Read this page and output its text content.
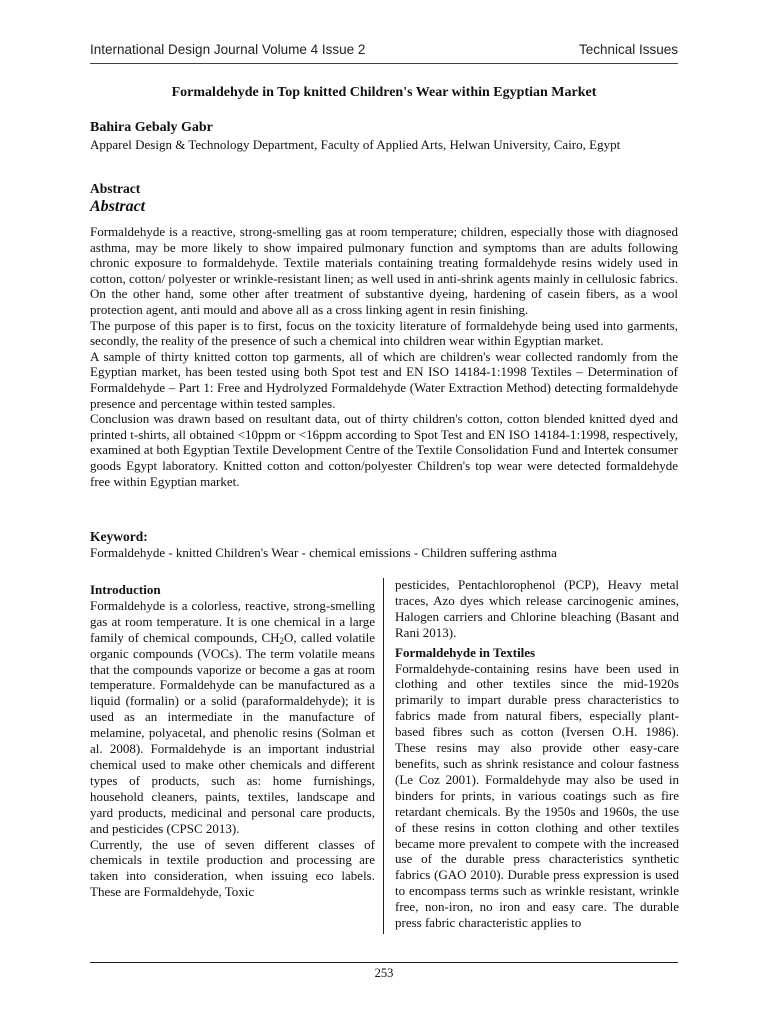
International Design Journal Volume 4 Issue 2	Technical Issues
Formaldehyde in Top knitted Children's Wear within Egyptian Market
Bahira Gebaly Gabr
Apparel Design & Technology Department, Faculty of Applied Arts, Helwan University, Cairo, Egypt
Abstract
Abstract

Formaldehyde is a reactive, strong-smelling gas at room temperature; children, especially those with diagnosed asthma, may be more likely to show impaired pulmonary function and symptoms than are adults following chronic exposure to formaldehyde. Textile materials containing treating formaldehyde resins widely used in cotton, cotton/ polyester or wrinkle-resistant linen; as well used in anti-shrink agents mainly in cellulosic fabrics. On the other hand, some other after treatment of substantive dyeing, hardening of casein fibers, as a wool protection agent, anti mould and above all as a cross linking agent in resin finishing.

The purpose of this paper is to first, focus on the toxicity literature of formaldehyde being used into garments, secondly, the reality of the presence of such a chemical into children wear within Egyptian market.

A sample of thirty knitted cotton top garments, all of which are children's wear collected randomly from the Egyptian market, has been tested using both Spot test and EN ISO 14184-1:1998 Textiles – Determination of Formaldehyde – Part 1: Free and Hydrolyzed Formaldehyde (Water Extraction Method) detecting formaldehyde presence and percentage within tested samples.

Conclusion was drawn based on resultant data, out of thirty children's cotton, cotton blended knitted dyed and printed t-shirts, all obtained <10ppm or <16ppm according to Spot Test and EN ISO 14184-1:1998, respectively, examined at both Egyptian Textile Development Centre of the Textile Consolidation Fund and Intertek consumer goods Egypt laboratory. Knitted cotton and cotton/polyester Children's top wear were detected formaldehyde free within Egyptian market.

Keyword:
Formaldehyde - knitted Children's Wear - chemical emissions - Children suffering asthma
Introduction

Formaldehyde is a colorless, reactive, strong-smelling gas at room temperature. It is one chemical in a large family of chemical compounds, $CH_2O$, called volatile organic compounds (VOCs). The term volatile means that the compounds vaporize or become a gas at room temperature. Formaldehyde can be manufactured as a liquid (formalin) or a solid (paraformaldehyde); it is used as an intermediate in the manufacture of melamine, polyacetal, and phenolic resins (Solman et al. 2008). Formaldehyde is an important industrial chemical used to make other chemicals and different types of products, such as: home furnishings, household cleaners, paints, textiles, landscape and yard products, medicinal and personal care products, and pesticides (CPSC 2013).

Currently, the use of seven different classes of chemicals in textile production and processing are taken into consideration, when issuing eco labels. These are Formaldehyde, Toxic

pesticides, Pentachlorophenol (PCP), Heavy metal traces, Azo dyes which release carcinogenic amines, Halogen carriers and Chlorine bleaching (Basant and Rani 2013).

Formaldehyde in Textiles

Formaldehyde-containing resins have been used in clothing and other textiles since the mid-1920s primarily to impart durable press characteristics to fabrics made from natural fibers, especially plant-based fibres such as cotton (Iversen O.H. 1986). These resins may also provide other easy-care benefits, such as shrink resistance and colour fastness (Le Coz 2001). Formaldehyde may also be used in binders for prints, in various coatings such as fire retardant chemicals. By the 1950s and 1960s, the use of these resins in cotton clothing and other textiles became more prevalent to compete with the increased use of the durable press characteristics synthetic fabrics (GAO 2010). Durable press expression is used to encompass terms such as wrinkle resistant, wrinkle free, non-iron, no iron and easy care. The durable press fabric characteristic applies to

253
